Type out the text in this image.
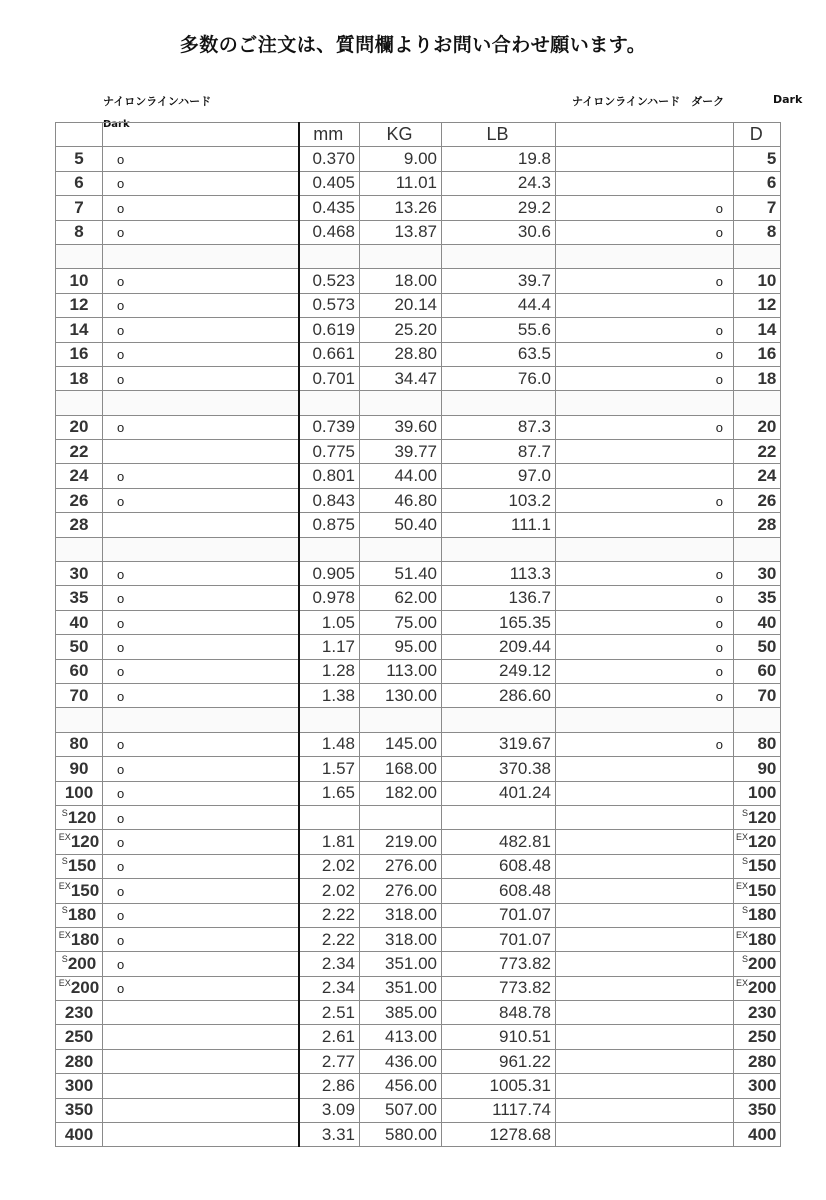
多数のご注文は、質問欄よりお問い合わせ願います。
ナイロンラインハード
Dark
ナイロンラインハード　ダーク	Dark
		mm	KG	LB		D
5	o	0.370	9.00	19.8		5
6	o	0.405	11.01	24.3		6
7	o	0.435	13.26	29.2	o	7
8	o	0.468	13.87	30.6	o	8

10	o	0.523	18.00	39.7	o	10
12	o	0.573	20.14	44.4		12
14	o	0.619	25.20	55.6	o	14
16	o	0.661	28.80	63.5	o	16
18	o	0.701	34.47	76.0	o	18

20	o	0.739	39.60	87.3	o	20
22		0.775	39.77	87.7		22
24	o	0.801	44.00	97.0		24
26	o	0.843	46.80	103.2	o	26
28		0.875	50.40	111.1		28

30	o	0.905	51.40	113.3	o	30
35	o	0.978	62.00	136.7	o	35
40	o	1.05	75.00	165.35	o	40
50	o	1.17	95.00	209.44	o	50
60	o	1.28	113.00	249.12	o	60
70	o	1.38	130.00	286.60	o	70

80	o	1.48	145.00	319.67	o	80
90	o	1.57	168.00	370.38		90
100	o	1.65	182.00	401.24		100
$^S$120	o					$^S$120
$^{EX}$120	o	1.81	219.00	482.81		$^{EX}$120
$^S$150	o	2.02	276.00	608.48		$^S$150
$^{EX}$150	o	2.02	276.00	608.48		$^{EX}$150
$^S$180	o	2.22	318.00	701.07		$^S$180
$^{EX}$180	o	2.22	318.00	701.07		$^{EX}$180
$^S$200	o	2.34	351.00	773.82		$^S$200
$^{EX}$200	o	2.34	351.00	773.82		$^{EX}$200
230		2.51	385.00	848.78		230
250		2.61	413.00	910.51		250
280		2.77	436.00	961.22		280
300		2.86	456.00	1005.31		300
350		3.09	507.00	1117.74		350
400		3.31	580.00	1278.68		400
